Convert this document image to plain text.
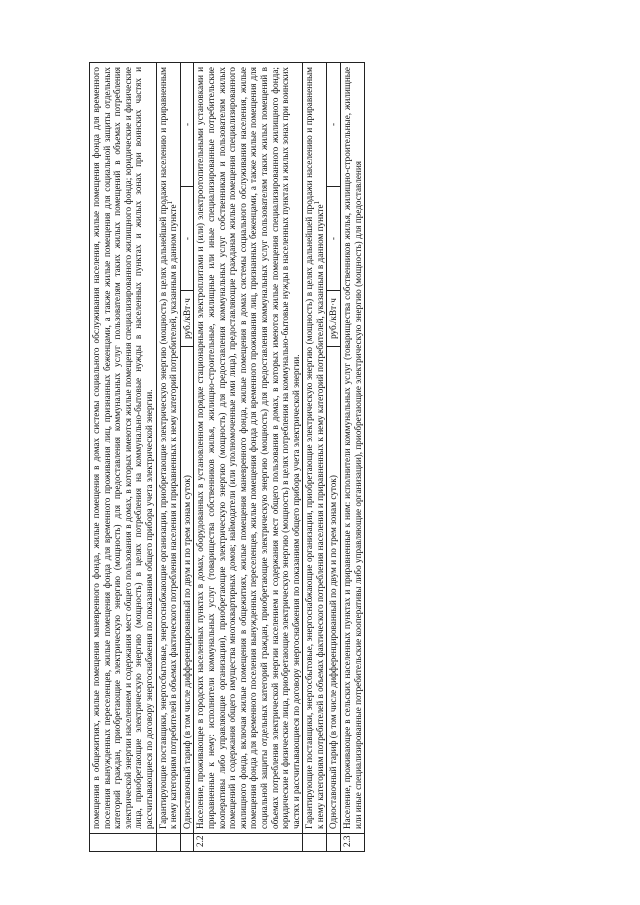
	помещения в общежитиях, жилые помещения маневренного фонда, жилые помещения в домах системы социального обслуживания населения, жилые помещения фонда для временного поселения вынужденных переселенцев, жилые помещения фонда для временного проживания лиц, признанных беженцами, а также жилые помещения для социальной защиты отдельных категорий граждан, приобретающие электрическую энергию (мощность) для предоставления коммунальных услуг пользователям таких жилых помещений в объемах потребления электрической энергии населением и содержания мест общего пользования в домах, в которых имеются жилые помещения специализированного жилищного фонда; юридические и физические лица, приобретающие электрическую энергию (мощность) в целях потребления на коммунально-бытовые нужды в населенных пунктах и жилых зонах при воинских частях и рассчитывающиеся по договору энергоснабжения по показаниям общего прибора учета электрической энергии.			
	Гарантирующие поставщики, энергосбытовые, энергоснабжающие организации, приобретающие электрическую энергию (мощность) в целях дальнейшей продажи населению и приравненным к нему категориям потребителей в объемах фактического потребления населения и приравненных к нему категорий потребителей, указанным в данном пункте$^1$
	Одноставочный тариф (в том числе дифференцированный по двум и по трем зонам суток)	руб./кВт·ч	-	-
2.2	Население, проживающее в городских населенных пунктах в домах, оборудованных в установленном порядке стационарными электроплитами и (или) электроотопительными установками и приравненные к нему: исполнители коммунальных услуг (товарищества собственников жилья, жилищно-строительные, жилищные или иные специализированные потребительские кооперативы либо управляющие организации), приобретающие электрическую энергию (мощность) для предоставления коммунальных услуг собственникам и пользователям жилых помещений и содержания общего имущества многоквартирных домов; наймодатели (или уполномоченные ими лица), предоставляющие гражданам жилые помещения специализированного жилищного фонда, включая жилые помещения в общежитиях, жилые помещения маневренного фонда, жилые помещения в домах системы социального обслуживания населения, жилые помещения фонда для временного поселения вынужденных переселенцев, жилые помещения фонда для временного проживания лиц, признанных беженцами, а также жилые помещения для социальной защиты отдельных категорий граждан, приобретающие электрическую энергию (мощность) для предоставления коммунальных услуг пользователям таких жилых помещений в объемах потребления электрической энергии населением и содержания мест общего пользования в домах, в которых имеются жилые помещения специализированного жилищного фонда; юридические и физические лица, приобретающие электрическую энергию (мощность) в целях потребления на коммунально-бытовые нужды в населенных пунктах и жилых зонах при воинских частях и рассчитывающиеся по договору энергоснабжения по показаниям общего прибора учета электрической энергии.			
	Гарантирующие поставщики, энергосбытовые, энергоснабжающие организации, приобретающие электрическую энергию (мощность) в целях дальнейшей продажи населению и приравненным к нему категориям потребителей в объемах фактического потребления населения и приравненных к нему категорий потребителей, указанным в данном пункте$^1$
	Одноставочный тариф (в том числе дифференцированный по двум и по трем зонам суток)	руб./кВт·ч	-	-
2.3	Население, проживающее в сельских населенных пунктах и приравненные к ним: исполнители коммунальных услуг (товарищества собственников жилья, жилищно-строительные, жилищные или иные специализированные потребительские кооперативы либо управляющие организации), приобретающие электрическую энергию (мощность) для предоставления			
